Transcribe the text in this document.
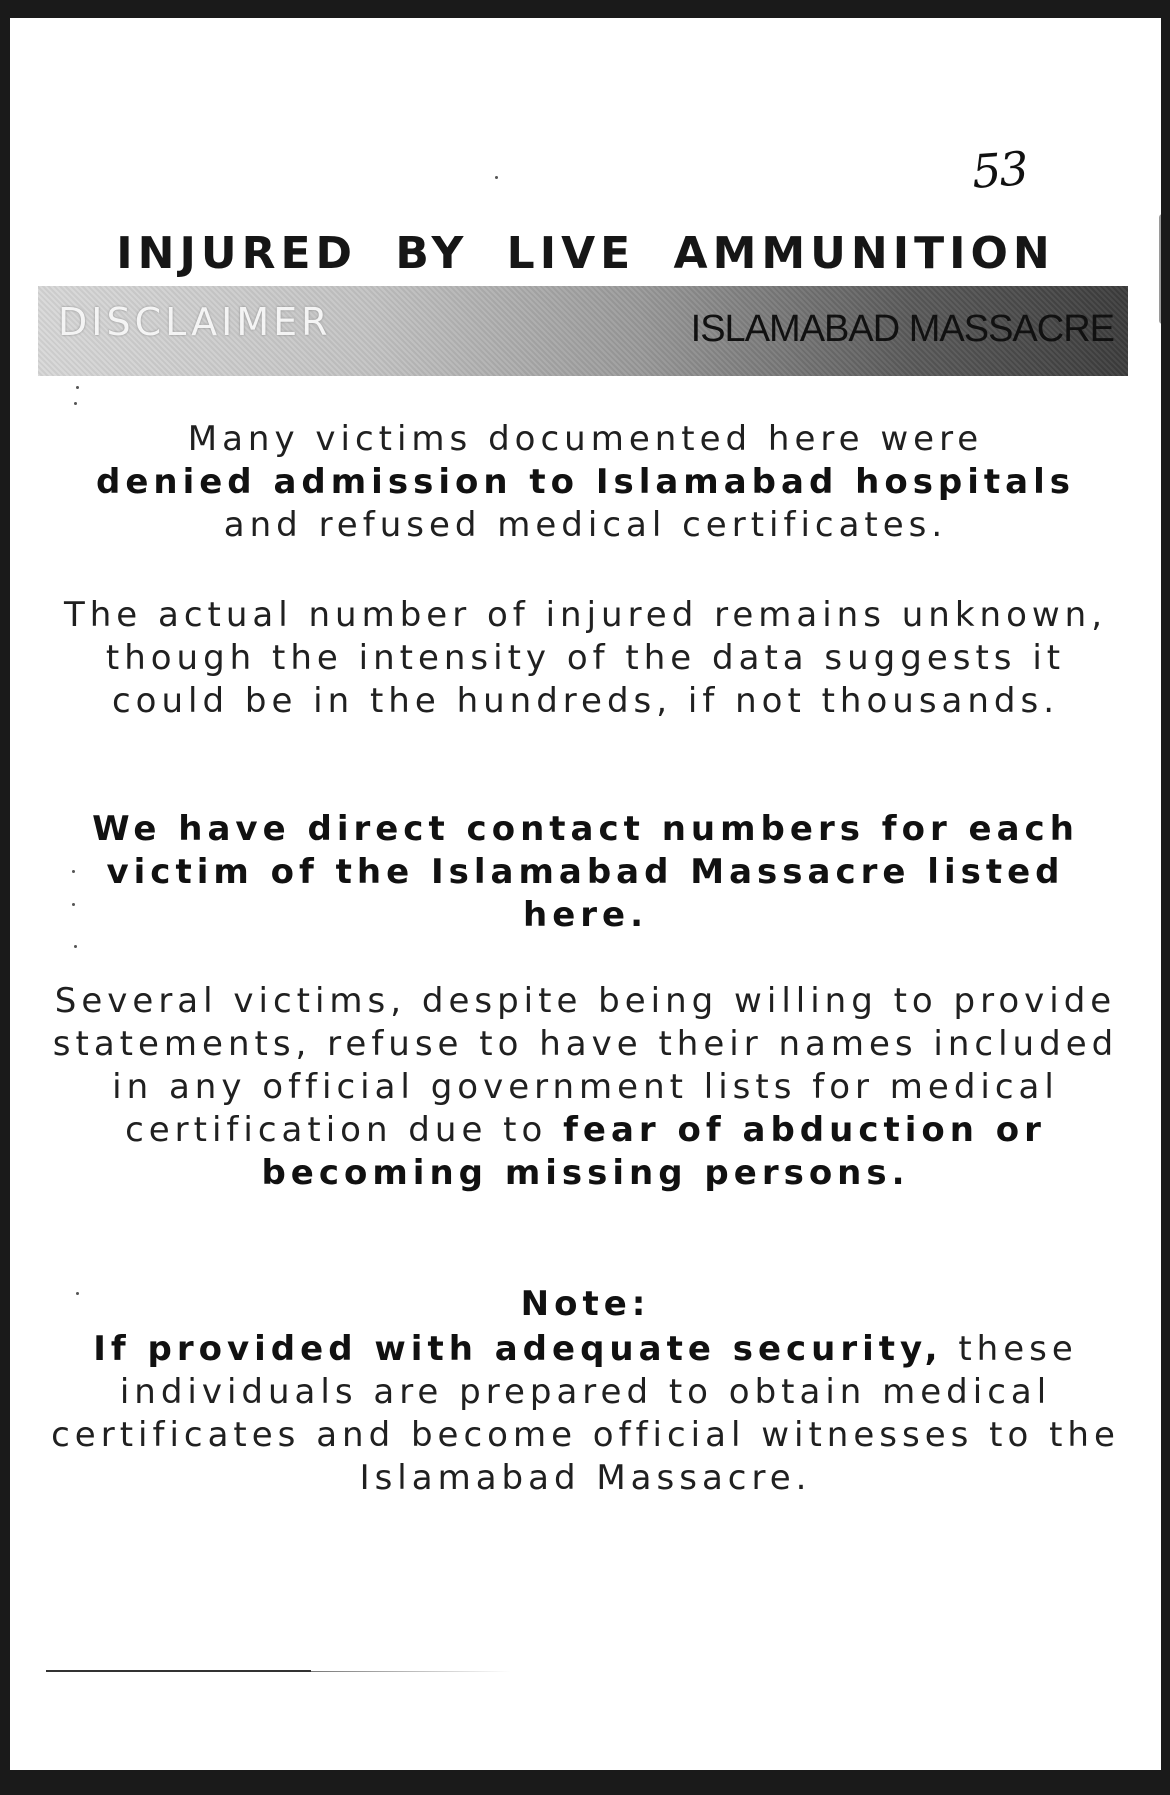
53
INJURED BY LIVE AMMUNITION
DISCLAIMER	ISLAMABAD MASSACRE
Many victims documented here were
denied admission to Islamabad hospitals
and refused medical certificates.
The actual number of injured remains unknown, though the intensity of the data suggests it could be in the hundreds, if not thousands.
We have direct contact numbers for each victim of the Islamabad Massacre listed here.
Several victims, despite being willing to provide statements, refuse to have their names included in any official government lists for medical certification due to fear of abduction or becoming missing persons.
Note:
If provided with adequate security, these individuals are prepared to obtain medical certificates and become official witnesses to the Islamabad Massacre.
